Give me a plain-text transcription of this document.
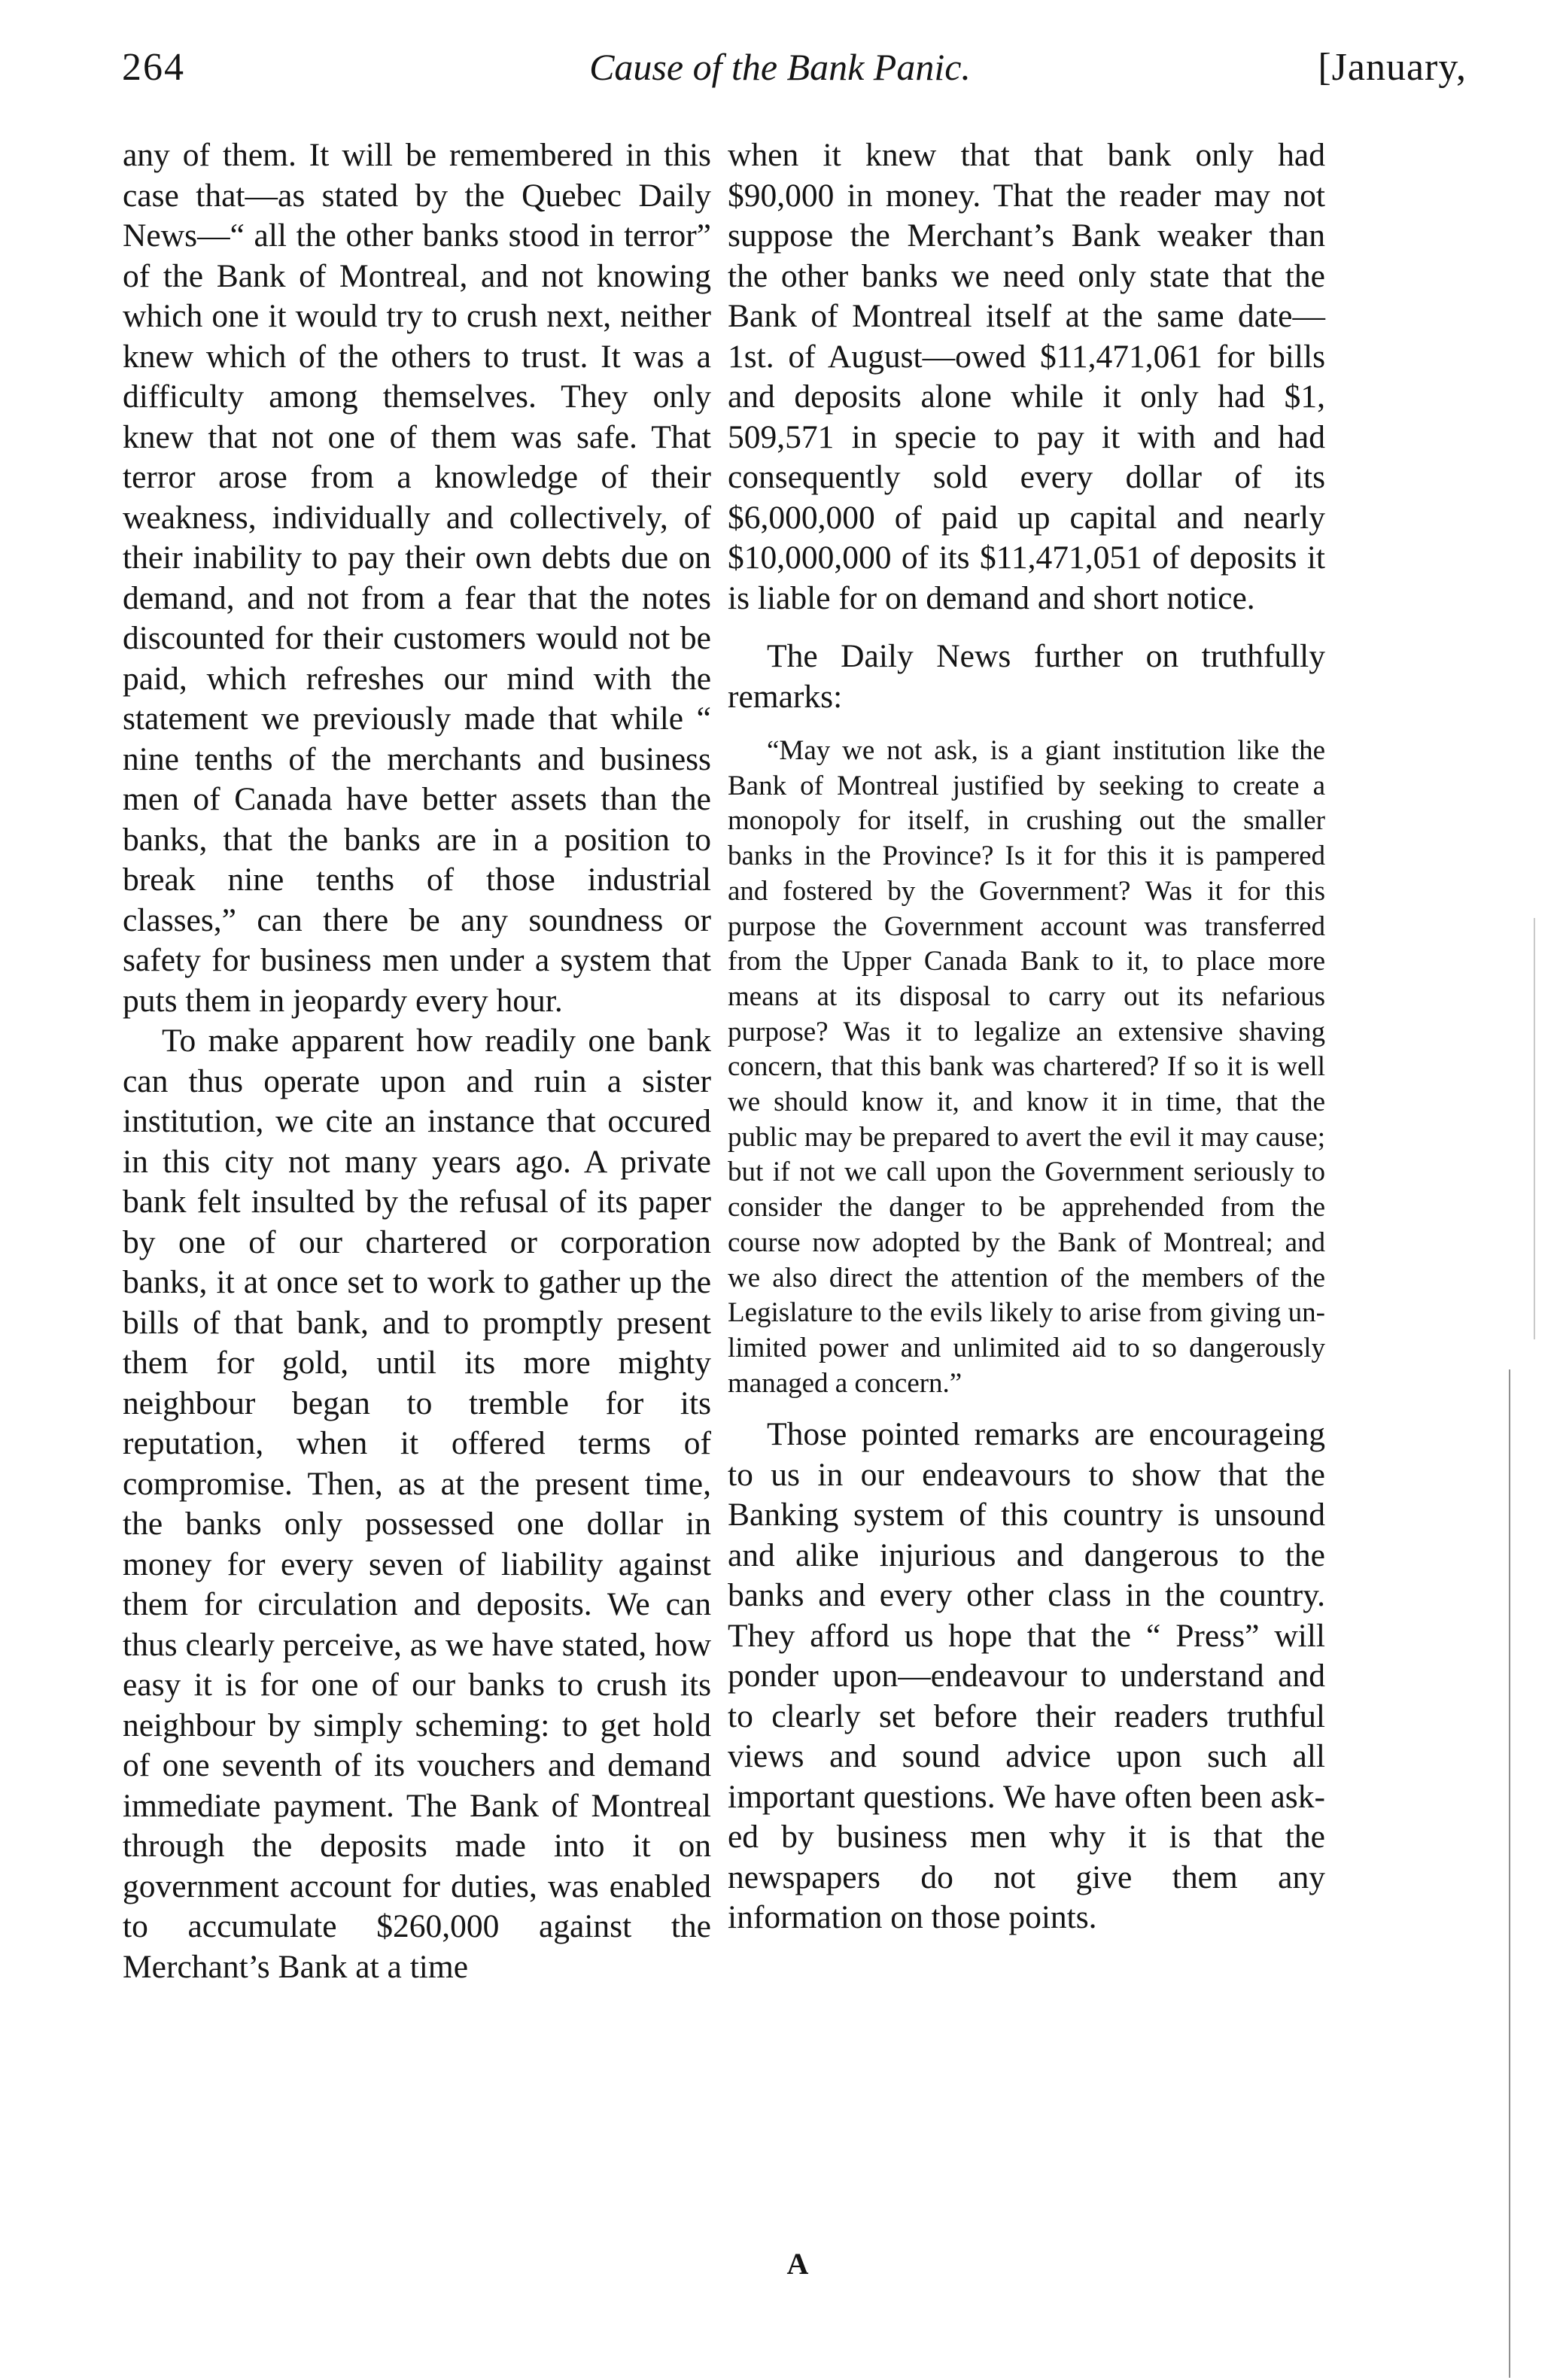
264	Cause of the Bank Panic.	[January,

any of them. It will be remembered in this case that—as stated by the Quebec Daily News—“ all the other banks stood in terror” of the Bank of Montreal, and not knowing which one it would try to crush next, neither knew which of the others to trust. It was a difficulty among themselves. They only knew that not one of them was safe. That terror arose from a knowledge of their weakness, individually and collectively, of their inability to pay their own debts due on demand, and not from a fear that the notes discounted for their customers would not be paid, which refreshes our mind with the statement we previously made that while “ nine tenths of the merchants and business men of Canada have better assets than the banks, that the banks are in a position to break nine tenths of those industrial classes,” can there be any soundness or safety for business men under a system that puts them in jeopardy every hour.

To make apparent how readily one bank can thus operate upon and ruin a sister institution, we cite an instance that occured in this city not many years ago. A private bank felt insulted by the refusal of its paper by one of our chartered or corporation banks, it at once set to work to gather up the bills of that bank, and to promptly present them for gold, until its more mighty neighbour began to tremble for its reputation, when it offered terms of compromise. Then, as at the present time, the banks only possessed one dollar in money for every seven of liability against them for circulation and deposits. We can thus clearly perceive, as we have stated, how easy it is for one of our banks to crush its neighbour by simply scheming: to get hold of one seventh of its vouchers and demand immediate payment. The Bank of Montreal through the deposits made into it on government account for duties, was enabled to accumulate $260,000 against the Merchant’s Bank at a time

when it knew that that bank only had $90,000 in money. That the reader may not suppose the Merchant’s Bank weaker than the other banks we need only state that the Bank of Montreal itself at the same date—1st. of August—owed $11,471,061 for bills and deposits alone while it only had $1, 509,571 in specie to pay it with and had consequently sold every dollar of its $6,000,000 of paid up capital and nearly $10,000,000 of its $11,471,051 of deposits it is liable for on demand and short notice.

The Daily News further on truthfully remarks:

“May we not ask, is a giant institution like the Bank of Montreal justified by seeking to create a monopoly for itself, in crushing out the smaller banks in the Province? Is it for this it is pampered and fostered by the Government? Was it for this purpose the Government account was transferred from the Upper Canada Bank to it, to place more means at its disposal to carry out its nefarious purpose? Was it to legalize an extensive shaving concern, that this bank was chartered? If so it is well we should know it, and know it in time, that the public may be prepared to avert the evil it may cause; but if not we call upon the Government seriously to consider the danger to be apprehended from the course now adopted by the Bank of Montreal; and we also direct the attention of the members of the Legislature to the evils likely to arise from giving unlimited power and unlimited aid to so dangerously managed a concern.”

Those pointed remarks are encourageing to us in our endeavours to show that the Banking system of this country is unsound and alike injurious and dangerous to the banks and every other class in the country. They afford us hope that the “ Press” will ponder upon—endeavour to understand and to clearly set before their readers truthful views and sound advice upon such all important questions. We have often been asked by business men why it is that the newspapers do not give them any information on those points.

A
